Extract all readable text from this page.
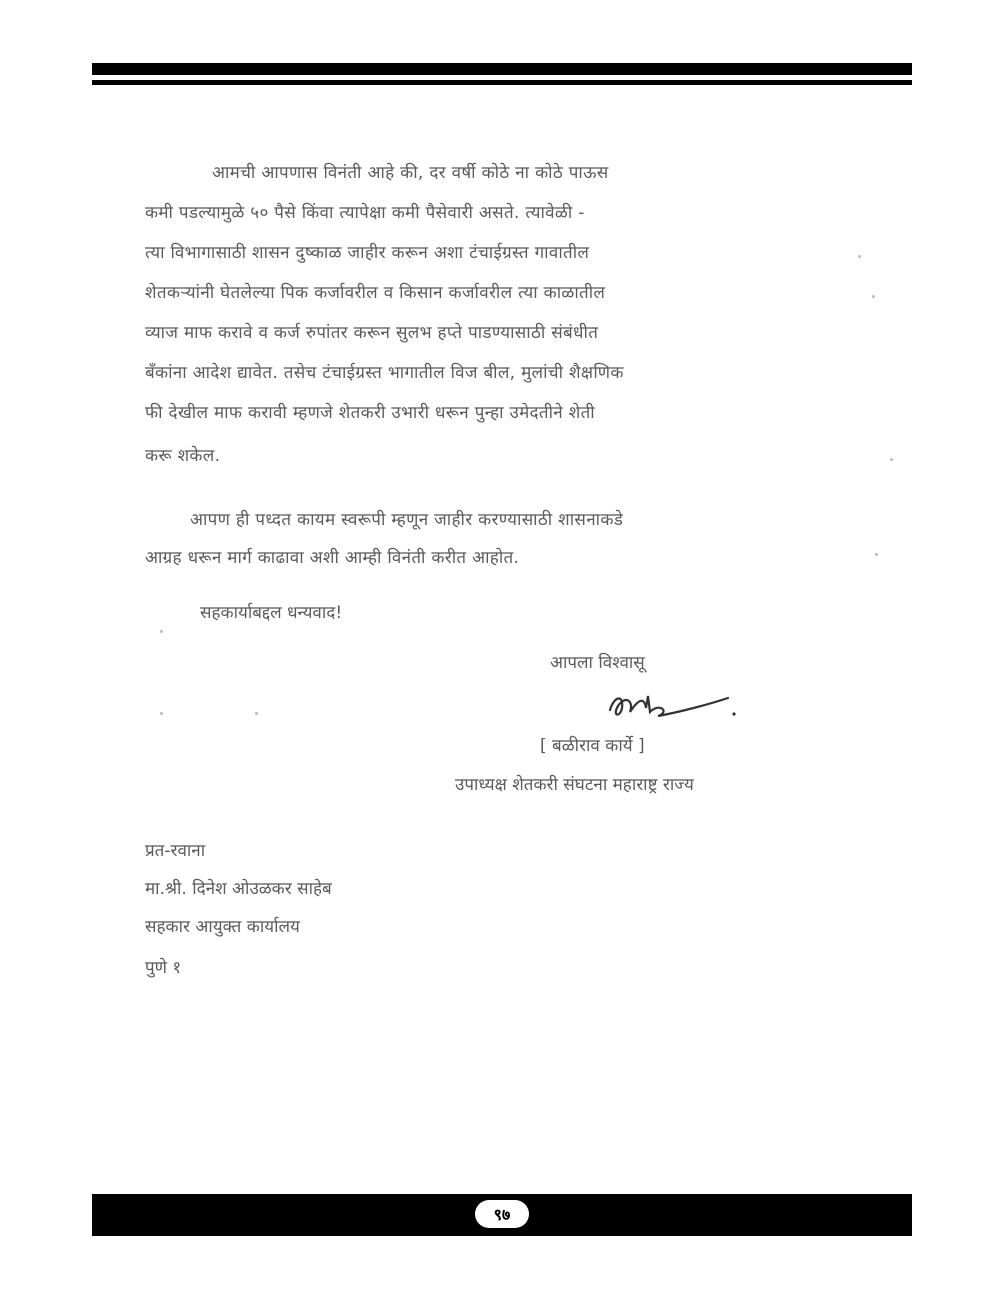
आमची आपणास विनंती आहे की, दर वर्षी कोठे ना कोठे पाऊस
कमी पडल्यामुळे ५० पैसे किंवा त्यापेक्षा कमी पैसेवारी असते. त्यावेळी -
त्या विभागासाठी शासन दुष्काळ जाहीर करून अशा टंचाईग्रस्त गावातील
शेतकऱ्यांनी घेतलेल्या पिक कर्जावरील व किसान कर्जावरील त्या काळातील
व्याज माफ करावे व कर्ज रुपांतर करून सुलभ हप्ते पाडण्यासाठी संबंधीत
बँकांना आदेश द्यावेत. तसेच टंचाईग्रस्त भागातील विज बील, मुलांची शैक्षणिक
फी देखील माफ करावी म्हणजे शेतकरी उभारी धरून पुन्हा उमेदतीने शेती
करू शकेल.
आपण ही पध्दत कायम स्वरूपी म्हणून जाहीर करण्यासाठी शासनाकडे
आग्रह धरून मार्ग काढावा अशी आम्ही विनंती करीत आहोत.
सहकार्याबद्दल धन्यवाद!
आपला विश्वासू
[ बळीराव कार्ये ]
उपाध्यक्ष शेतकरी संघटना महाराष्ट्र राज्य
प्रत-रवाना
मा.श्री. दिनेश ओउळकर साहेब
सहकार आयुक्त कार्यालय
पुणे १
९७
